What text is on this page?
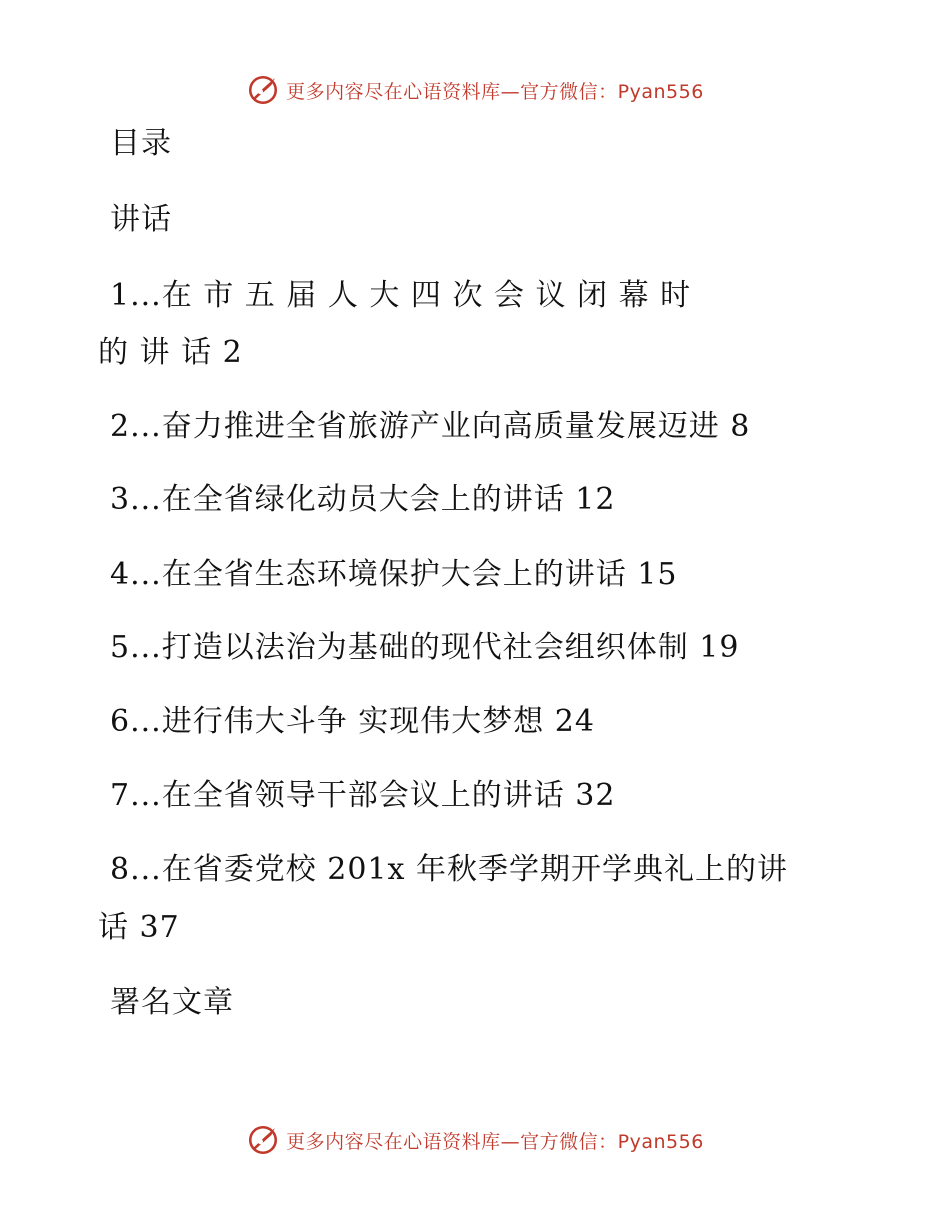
更多内容尽在心语资料库—官方微信：Pyan556
目录
讲话
1...在 市 五 届 人 大 四 次 会 议 闭 幕 时
的 讲 话 2
2...奋力推进全省旅游产业向高质量发展迈进 8
3...在全省绿化动员大会上的讲话 12
4...在全省生态环境保护大会上的讲话 15
5...打造以法治为基础的现代社会组织体制 19
6...进行伟大斗争 实现伟大梦想 24
7...在全省领导干部会议上的讲话 32
8...在省委党校 201x 年秋季学期开学典礼上的讲
话 37
署名文章
更多内容尽在心语资料库—官方微信：Pyan556
